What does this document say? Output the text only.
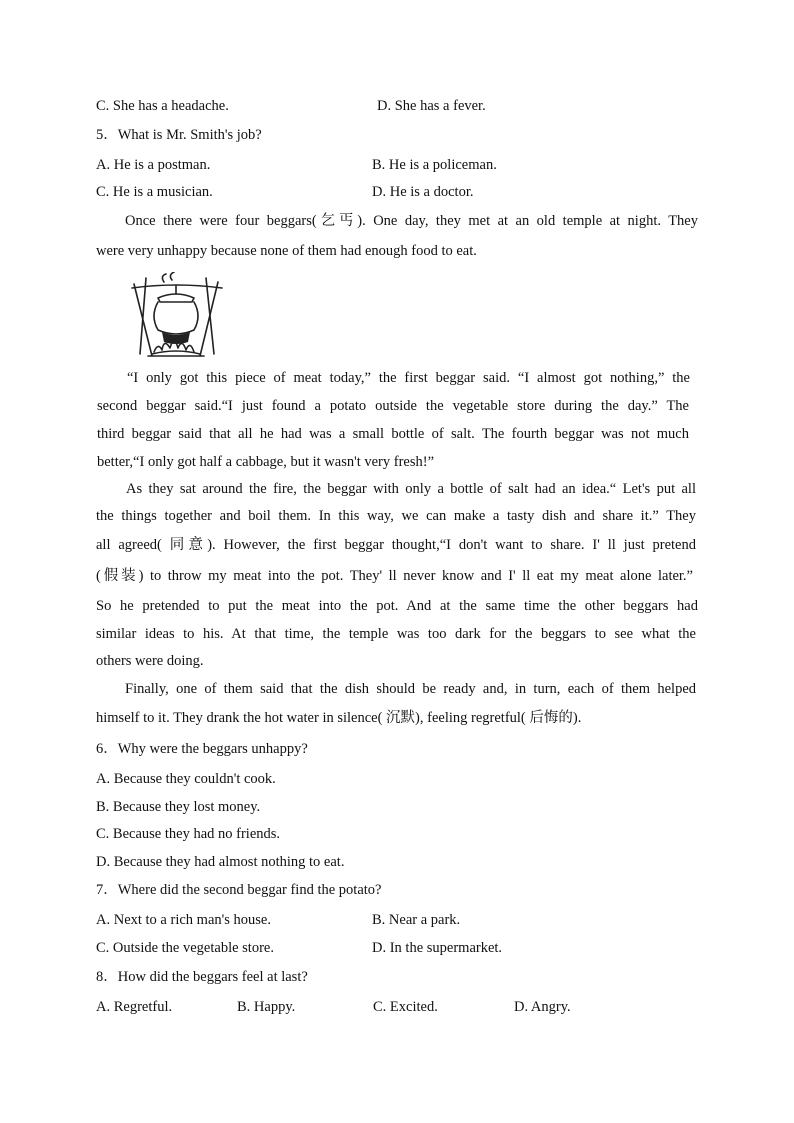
C. She has a headache.	D. She has a fever.
5．What is Mr. Smith's job?
A. He is a postman.	B. He is a policeman.
C. He is a musician.	D. He is a doctor.
Once there were four beggars(乞丐). One day, they met at an old temple at night. They
were very unhappy because none of them had enough food to eat.
“I only got this piece of meat today,” the first beggar said. “I almost got nothing,” the
second beggar said.“I just found a potato outside the vegetable store during the day.” The
third beggar said that all he had was a small bottle of salt. The fourth beggar was not much
better,“I only got half a cabbage, but it wasn't very fresh!”
As they sat around the fire, the beggar with only a bottle of salt had an idea.“ Let's put all
the things together and boil them. In this way, we can make a tasty dish and share it.” They
all agreed( 同意). However, the first beggar thought,“I don't want to share. I' ll just pretend
(假装) to throw my meat into the pot. They' ll never know and I' ll eat my meat alone later.”
So he pretended to put the meat into the pot. And at the same time the other beggars had
similar ideas to his. At that time, the temple was too dark for the beggars to see what the
others were doing.
Finally, one of them said that the dish should be ready and, in turn, each of them helped
himself to it. They drank the hot water in silence( 沉默), feeling regretful( 后悔的).
6．Why were the beggars unhappy?
A. Because they couldn't cook.
B. Because they lost money.
C. Because they had no friends.
D. Because they had almost nothing to eat.
7．Where did the second beggar find the potato?
A. Next to a rich man's house.	B. Near a park.
C. Outside the vegetable store.	D. In the supermarket.
8．How did the beggars feel at last?
A. Regretful.	B. Happy.	C. Excited.	D. Angry.
